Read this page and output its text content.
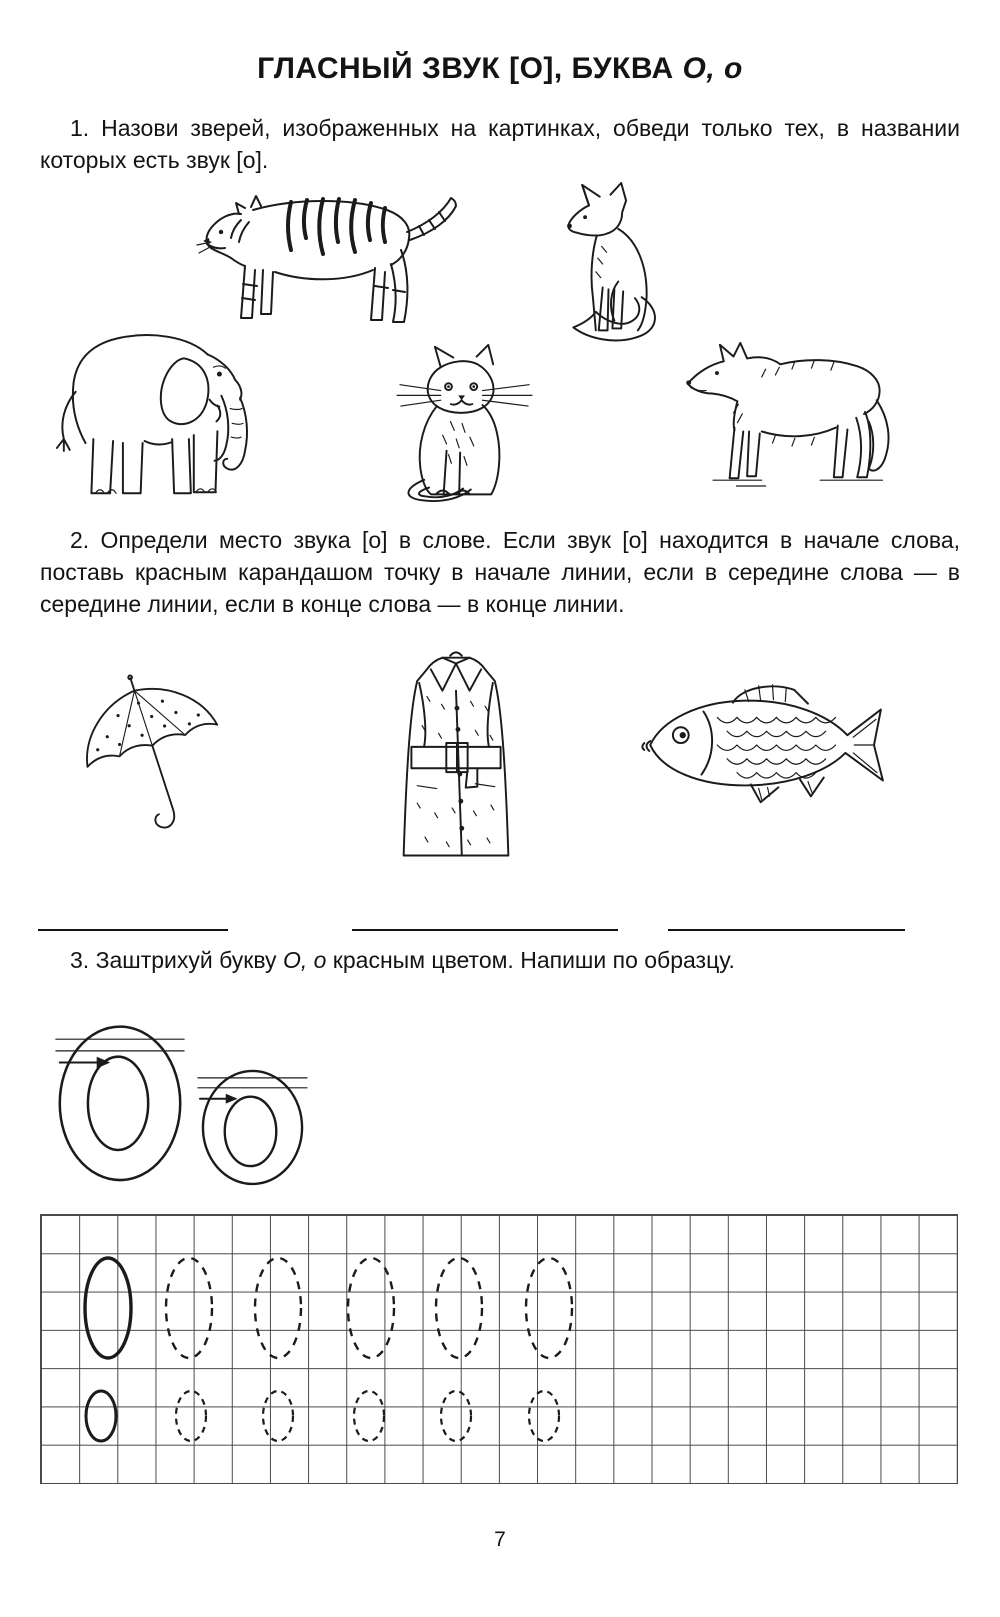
ГЛАСНЫЙ ЗВУК [О], БУКВА О, о

1. Назови зверей, изображенных на картинках, обведи только тех, в названии которых есть звук [о].

2. Определи место звука [о] в слове. Если звук [о] находится в начале слова, поставь красным карандашом точку в начале линии, если в середине слова — в середине линии, если в конце слова — в конце линии.

3. Заштрихуй букву О, о красным цветом. Напиши по образцу.

7
